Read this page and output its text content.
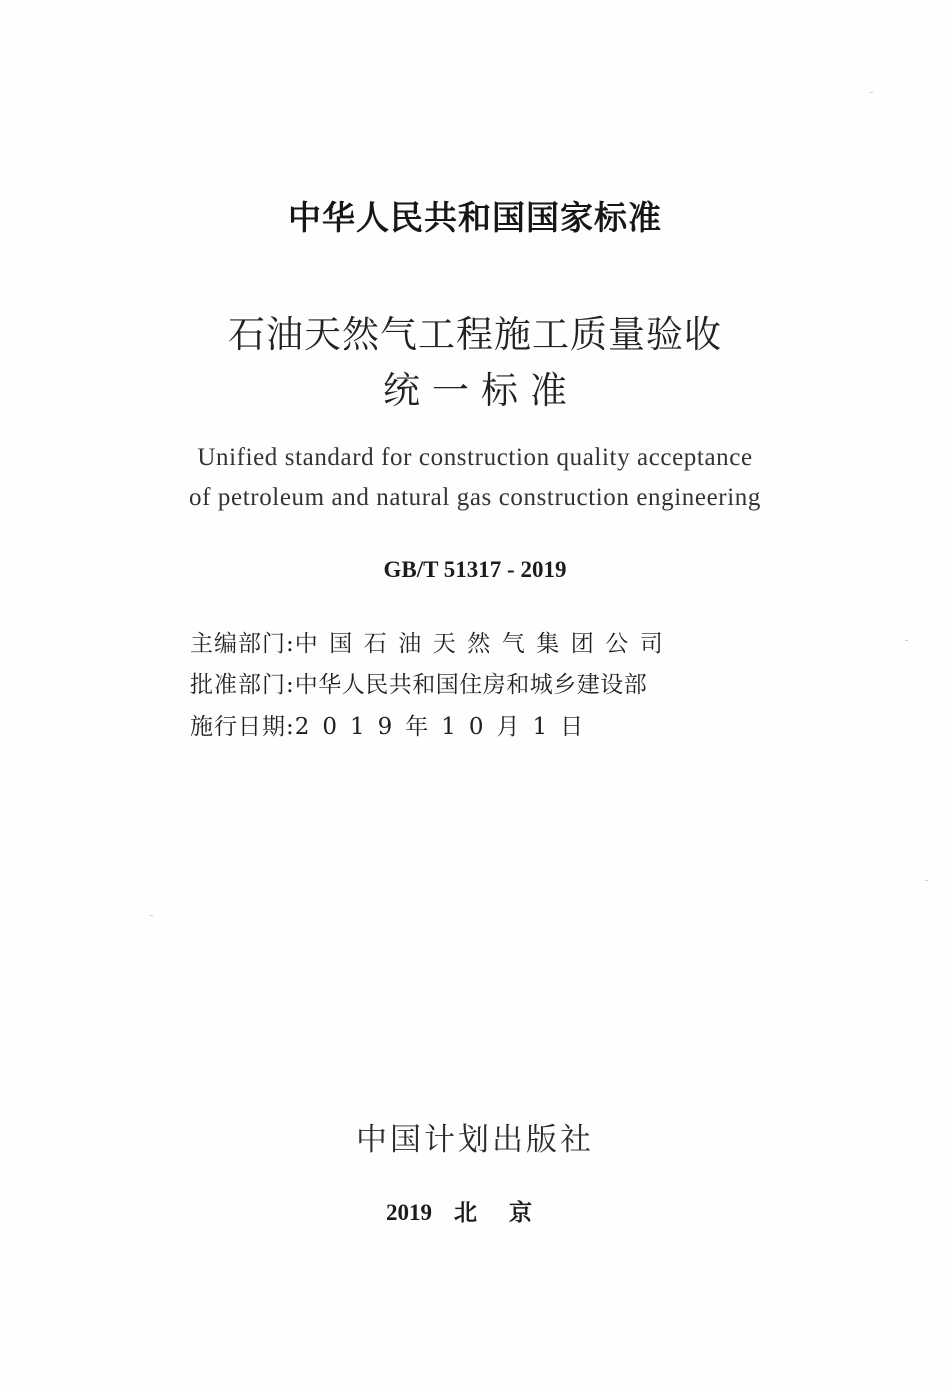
中华人民共和国国家标准
石油天然气工程施工质量验收
统一标准
Unified standard for construction quality acceptance
of petroleum and natural gas construction engineering
GB/T 51317 - 2019
主编部门:中国石油天然气集团公司
批准部门:中华人民共和国住房和城乡建设部
施行日期:2019年10月1日
中国计划出版社
2019 北京
